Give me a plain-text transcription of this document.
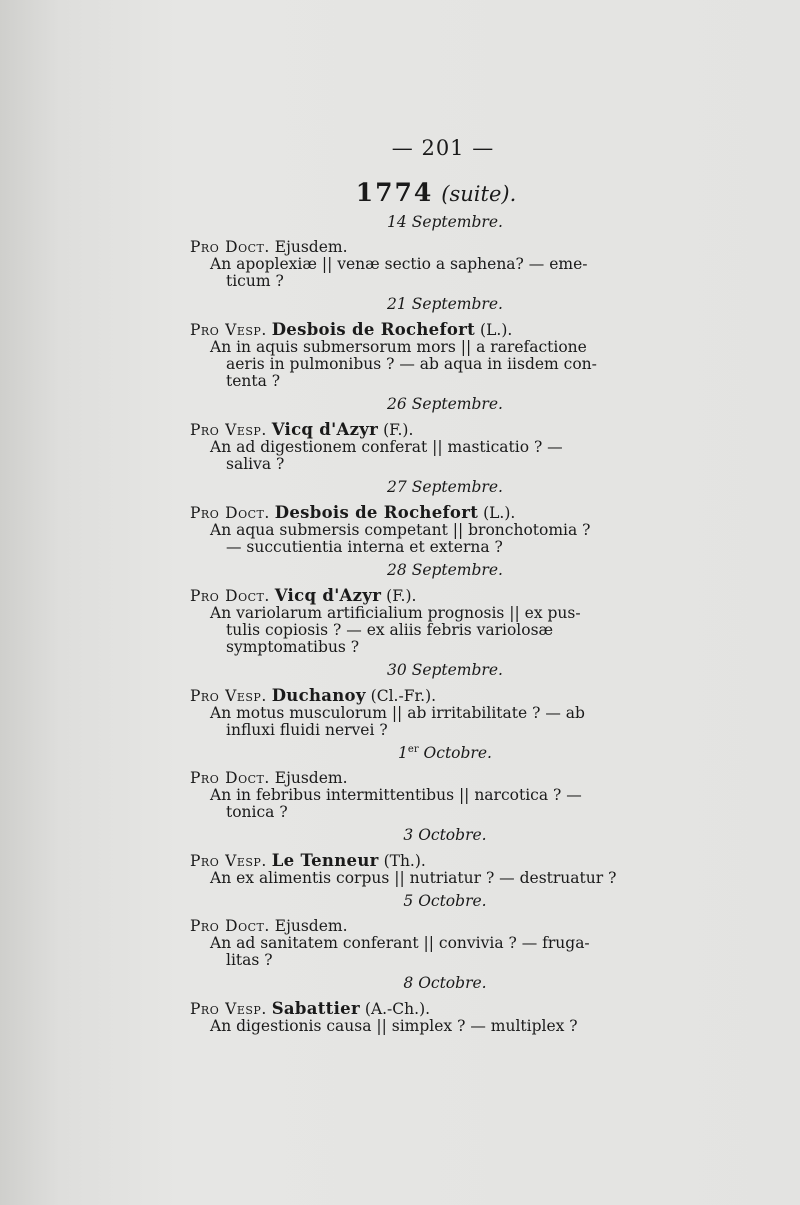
— 201 —
1774 (suite).
14 Septembre.
Pro Doct. Ejusdem.
An apoplexiæ || venæ sectio a saphena? — eme-
ticum ?
21 Septembre.
Pro Vesp. Desbois de Rochefort (L.).
An in aquis submersorum mors || a rarefactione
aeris in pulmonibus ? — ab aqua in iisdem con-
tenta ?
26 Septembre.
Pro Vesp. Vicq d'Azyr (F.).
An ad digestionem conferat || masticatio ? —
saliva ?
27 Septembre.
Pro Doct. Desbois de Rochefort (L.).
An aqua submersis competant || bronchotomia ?
— succutientia interna et externa ?
28 Septembre.
Pro Doct. Vicq d'Azyr (F.).
An variolarum artificialium prognosis || ex pus-
tulis copiosis ? — ex aliis febris variolosæ
symptomatibus ?
30 Septembre.
Pro Vesp. Duchanoy (Cl.-Fr.).
An motus musculorum || ab irritabilitate ? — ab
influxi fluidi nervei ?
1er Octobre.
Pro Doct. Ejusdem.
An in febribus intermittentibus || narcotica ? —
tonica ?
3 Octobre.
Pro Vesp. Le Tenneur (Th.).
An ex alimentis corpus || nutriatur ? — destruatur ?
5 Octobre.
Pro Doct. Ejusdem.
An ad sanitatem conferant || convivia ? — fruga-
litas ?
8 Octobre.
Pro Vesp. Sabattier (A.-Ch.).
An digestionis causa || simplex ? — multiplex ?
